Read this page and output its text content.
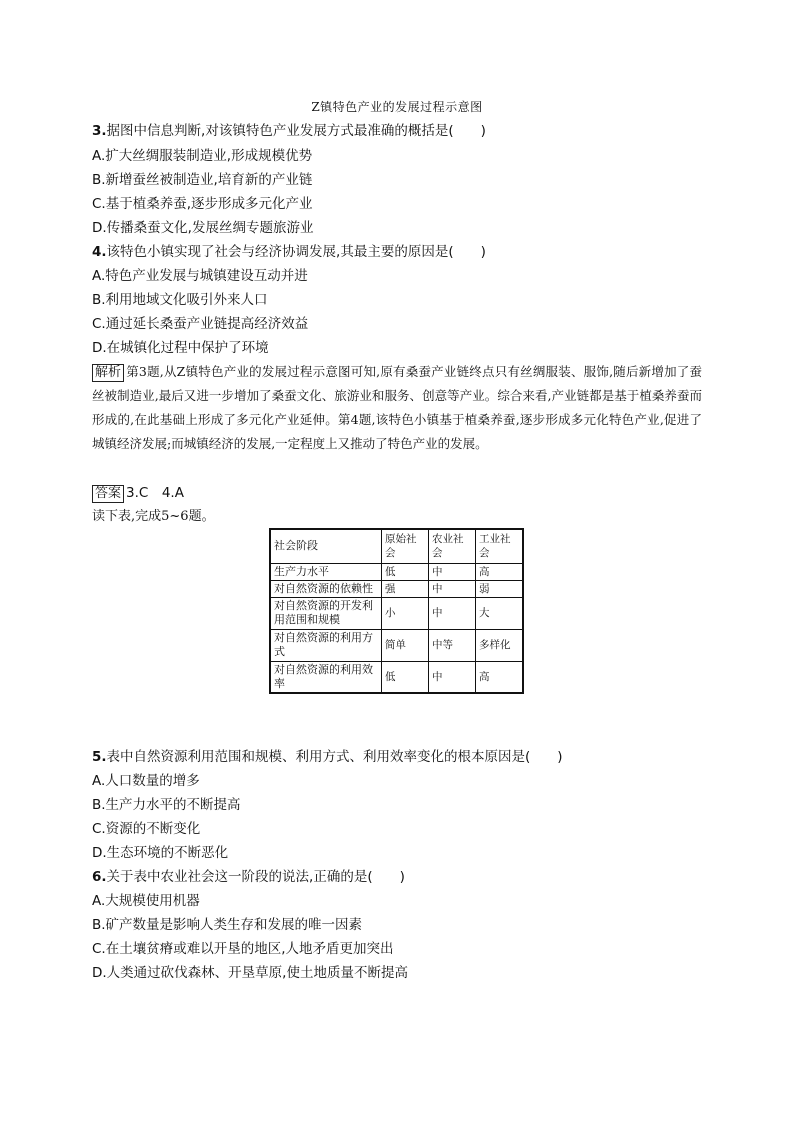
Z镇特色产业的发展过程示意图
3.据图中信息判断,对该镇特色产业发展方式最准确的概括是(　　)
A.扩大丝绸服装制造业,形成规模优势
B.新增蚕丝被制造业,培育新的产业链
C.基于植桑养蚕,逐步形成多元化产业
D.传播桑蚕文化,发展丝绸专题旅游业
4.该特色小镇实现了社会与经济协调发展,其最主要的原因是(　　)
A.特色产业发展与城镇建设互动并进
B.利用地域文化吸引外来人口
C.通过延长桑蚕产业链提高经济效益
D.在城镇化过程中保护了环境
解析 第3题,从Z镇特色产业的发展过程示意图可知,原有桑蚕产业链终点只有丝绸服装、服饰,随后新增加了蚕丝被制造业,最后又进一步增加了桑蚕文化、旅游业和服务、创意等产业。综合来看,产业链都是基于植桑养蚕而形成的,在此基础上形成了多元化产业延伸。第4题,该特色小镇基于植桑养蚕,逐步形成多元化特色产业,促进了城镇经济发展;而城镇经济的发展,一定程度上又推动了特色产业的发展。
答案 3.C　4.A
读下表,完成5~6题。
社会阶段	原始社会	农业社会	工业社会
生产力水平	低	中	高
对自然资源的依赖性	强	中	弱
对自然资源的开发利用范围和规模	小	中	大
对自然资源的利用方式	简单	中等	多样化
对自然资源的利用效率	低	中	高
5.表中自然资源利用范围和规模、利用方式、利用效率变化的根本原因是(　　)
A.人口数量的增多
B.生产力水平的不断提高
C.资源的不断变化
D.生态环境的不断恶化
6.关于表中农业社会这一阶段的说法,正确的是(　　)
A.大规模使用机器
B.矿产数量是影响人类生存和发展的唯一因素
C.在土壤贫瘠或难以开垦的地区,人地矛盾更加突出
D.人类通过砍伐森林、开垦草原,使土地质量不断提高
